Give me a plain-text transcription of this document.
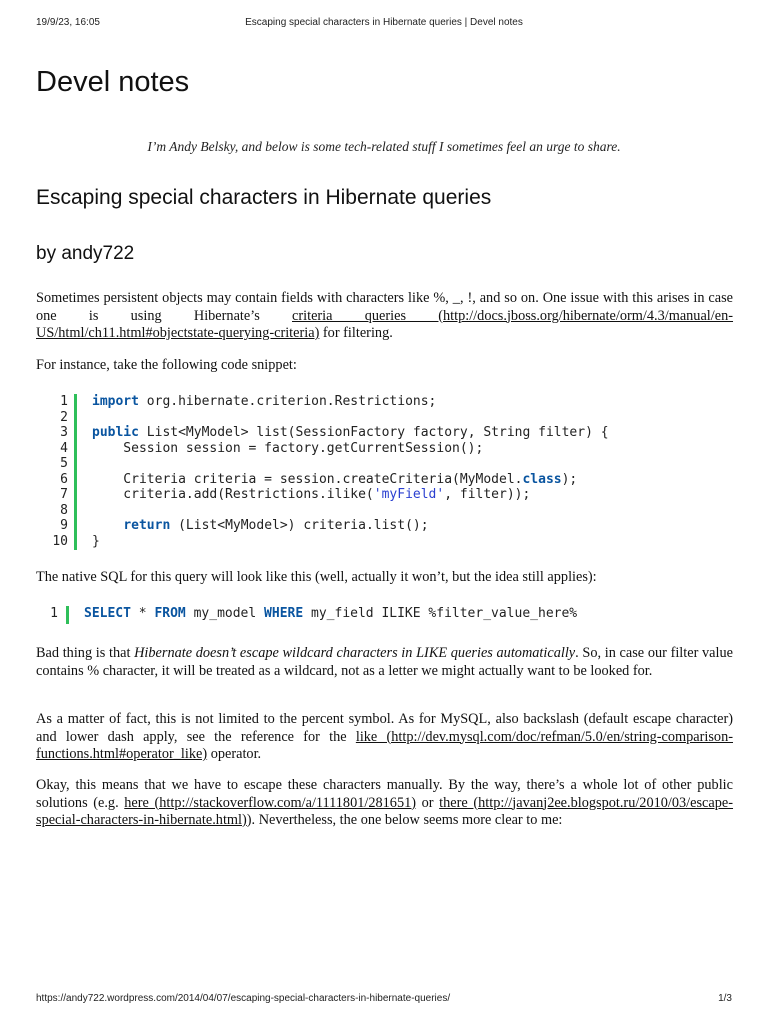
19/9/23, 16:05	Escaping special characters in Hibernate queries | Devel notes
Devel notes

I’m Andy Belsky, and below is some tech-related stuff I sometimes feel an urge to share.

Escaping special characters in Hibernate queries
by andy722

Sometimes persistent objects may contain fields with characters like %, _, !, and so on. One issue with this arises in case one is using Hibernate’s criteria queries (http://docs.jboss.org/hibernate/orm/4.3/manual/en-US/html/ch11.html#objectstate-querying-criteria) for filtering.

For instance, take the following code snippet:

1 import org.hibernate.criterion.Restrictions;
2
3 public List<MyModel> list(SessionFactory factory, String filter) {
4 Session session = factory.getCurrentSession();
5
6 Criteria criteria = session.createCriteria(MyModel.class);
7 criteria.add(Restrictions.ilike('myField', filter));
8
9	return (List<MyModel>) criteria.list();
10 }

The native SQL for this query will look like this (well, actually it won’t, but the idea still applies):

1 SELECT * FROM my_model WHERE my_field ILIKE %filter_value_here%

Bad thing is that Hibernate doesn’t escape wildcard characters in LIKE queries automatically. So, in case our filter value contains % character, it will be treated as a wildcard, not as a letter we might actually want to be looked for.

As a matter of fact, this is not limited to the percent symbol. As for MySQL, also backslash (default escape character) and lower dash apply, see the reference for the like (http://dev.mysql.com/doc/refman/5.0/en/string-comparison-functions.html#operator_like) operator.

Okay, this means that we have to escape these characters manually. By the way, there’s a whole lot of other public solutions (e.g. here (http://stackoverflow.com/a/1111801/281651) or there (http://javanj2ee.blogspot.ru/2010/03/escape-special-characters-in-hibernate.html)). Nevertheless, the one below seems more clear to me:

https://andy722.wordpress.com/2014/04/07/escaping-special-characters-in-hibernate-queries/	1/3
